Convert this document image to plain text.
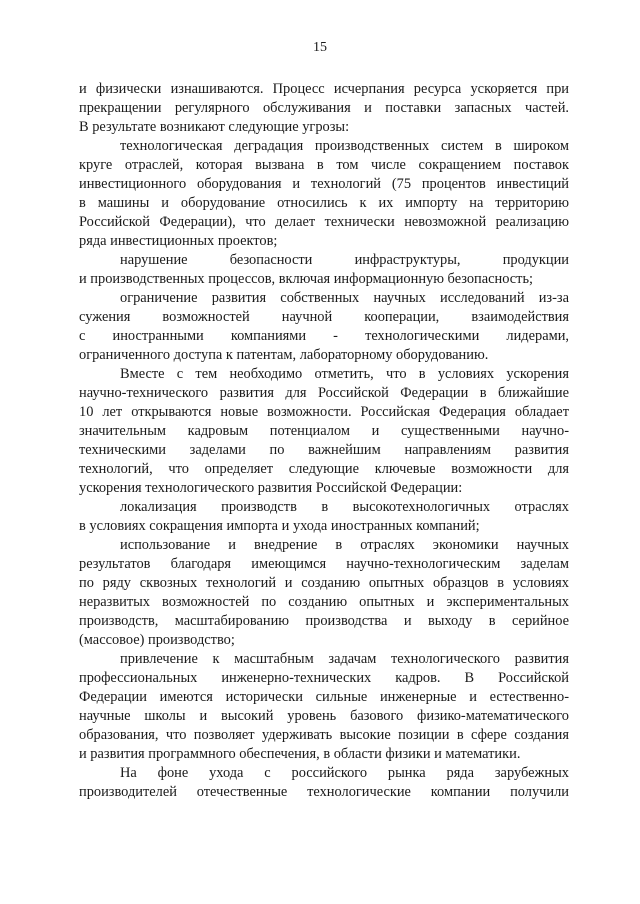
15
и физически изнашиваются. Процесс исчерпания ресурса ускоряется при
прекращении регулярного обслуживания и поставки запасных частей.
В результате возникают следующие угрозы:
технологическая деградация производственных систем в широком
круге отраслей, которая вызвана в том числе сокращением поставок
инвестиционного оборудования и технологий (75 процентов инвестиций
в машины и оборудование относились к их импорту на территорию
Российской Федерации), что делает технически невозможной реализацию
ряда инвестиционных проектов;
нарушение безопасности инфраструктуры, продукции
и производственных процессов, включая информационную безопасность;
ограничение развития собственных научных исследований из-за
сужения возможностей научной кооперации, взаимодействия
с иностранными компаниями - технологическими лидерами,
ограниченного доступа к патентам, лабораторному оборудованию.
Вместе с тем необходимо отметить, что в условиях ускорения
научно-технического развития для Российской Федерации в ближайшие
10 лет открываются новые возможности. Российская Федерация обладает
значительным кадровым потенциалом и существенными научно-
техническими заделами по важнейшим направлениям развития
технологий, что определяет следующие ключевые возможности для
ускорения технологического развития Российской Федерации:
локализация производств в высокотехнологичных отраслях
в условиях сокращения импорта и ухода иностранных компаний;
использование и внедрение в отраслях экономики научных
результатов благодаря имеющимся научно-технологическим заделам
по ряду сквозных технологий и созданию опытных образцов в условиях
неразвитых возможностей по созданию опытных и экспериментальных
производств, масштабированию производства и выходу в серийное
(массовое) производство;
привлечение к масштабным задачам технологического развития
профессиональных инженерно-технических кадров. В Российской
Федерации имеются исторически сильные инженерные и естественно-
научные школы и высокий уровень базового физико-математического
образования, что позволяет удерживать высокие позиции в сфере создания
и развития программного обеспечения, в области физики и математики.
На фоне ухода с российского рынка ряда зарубежных
производителей отечественные технологические компании получили
